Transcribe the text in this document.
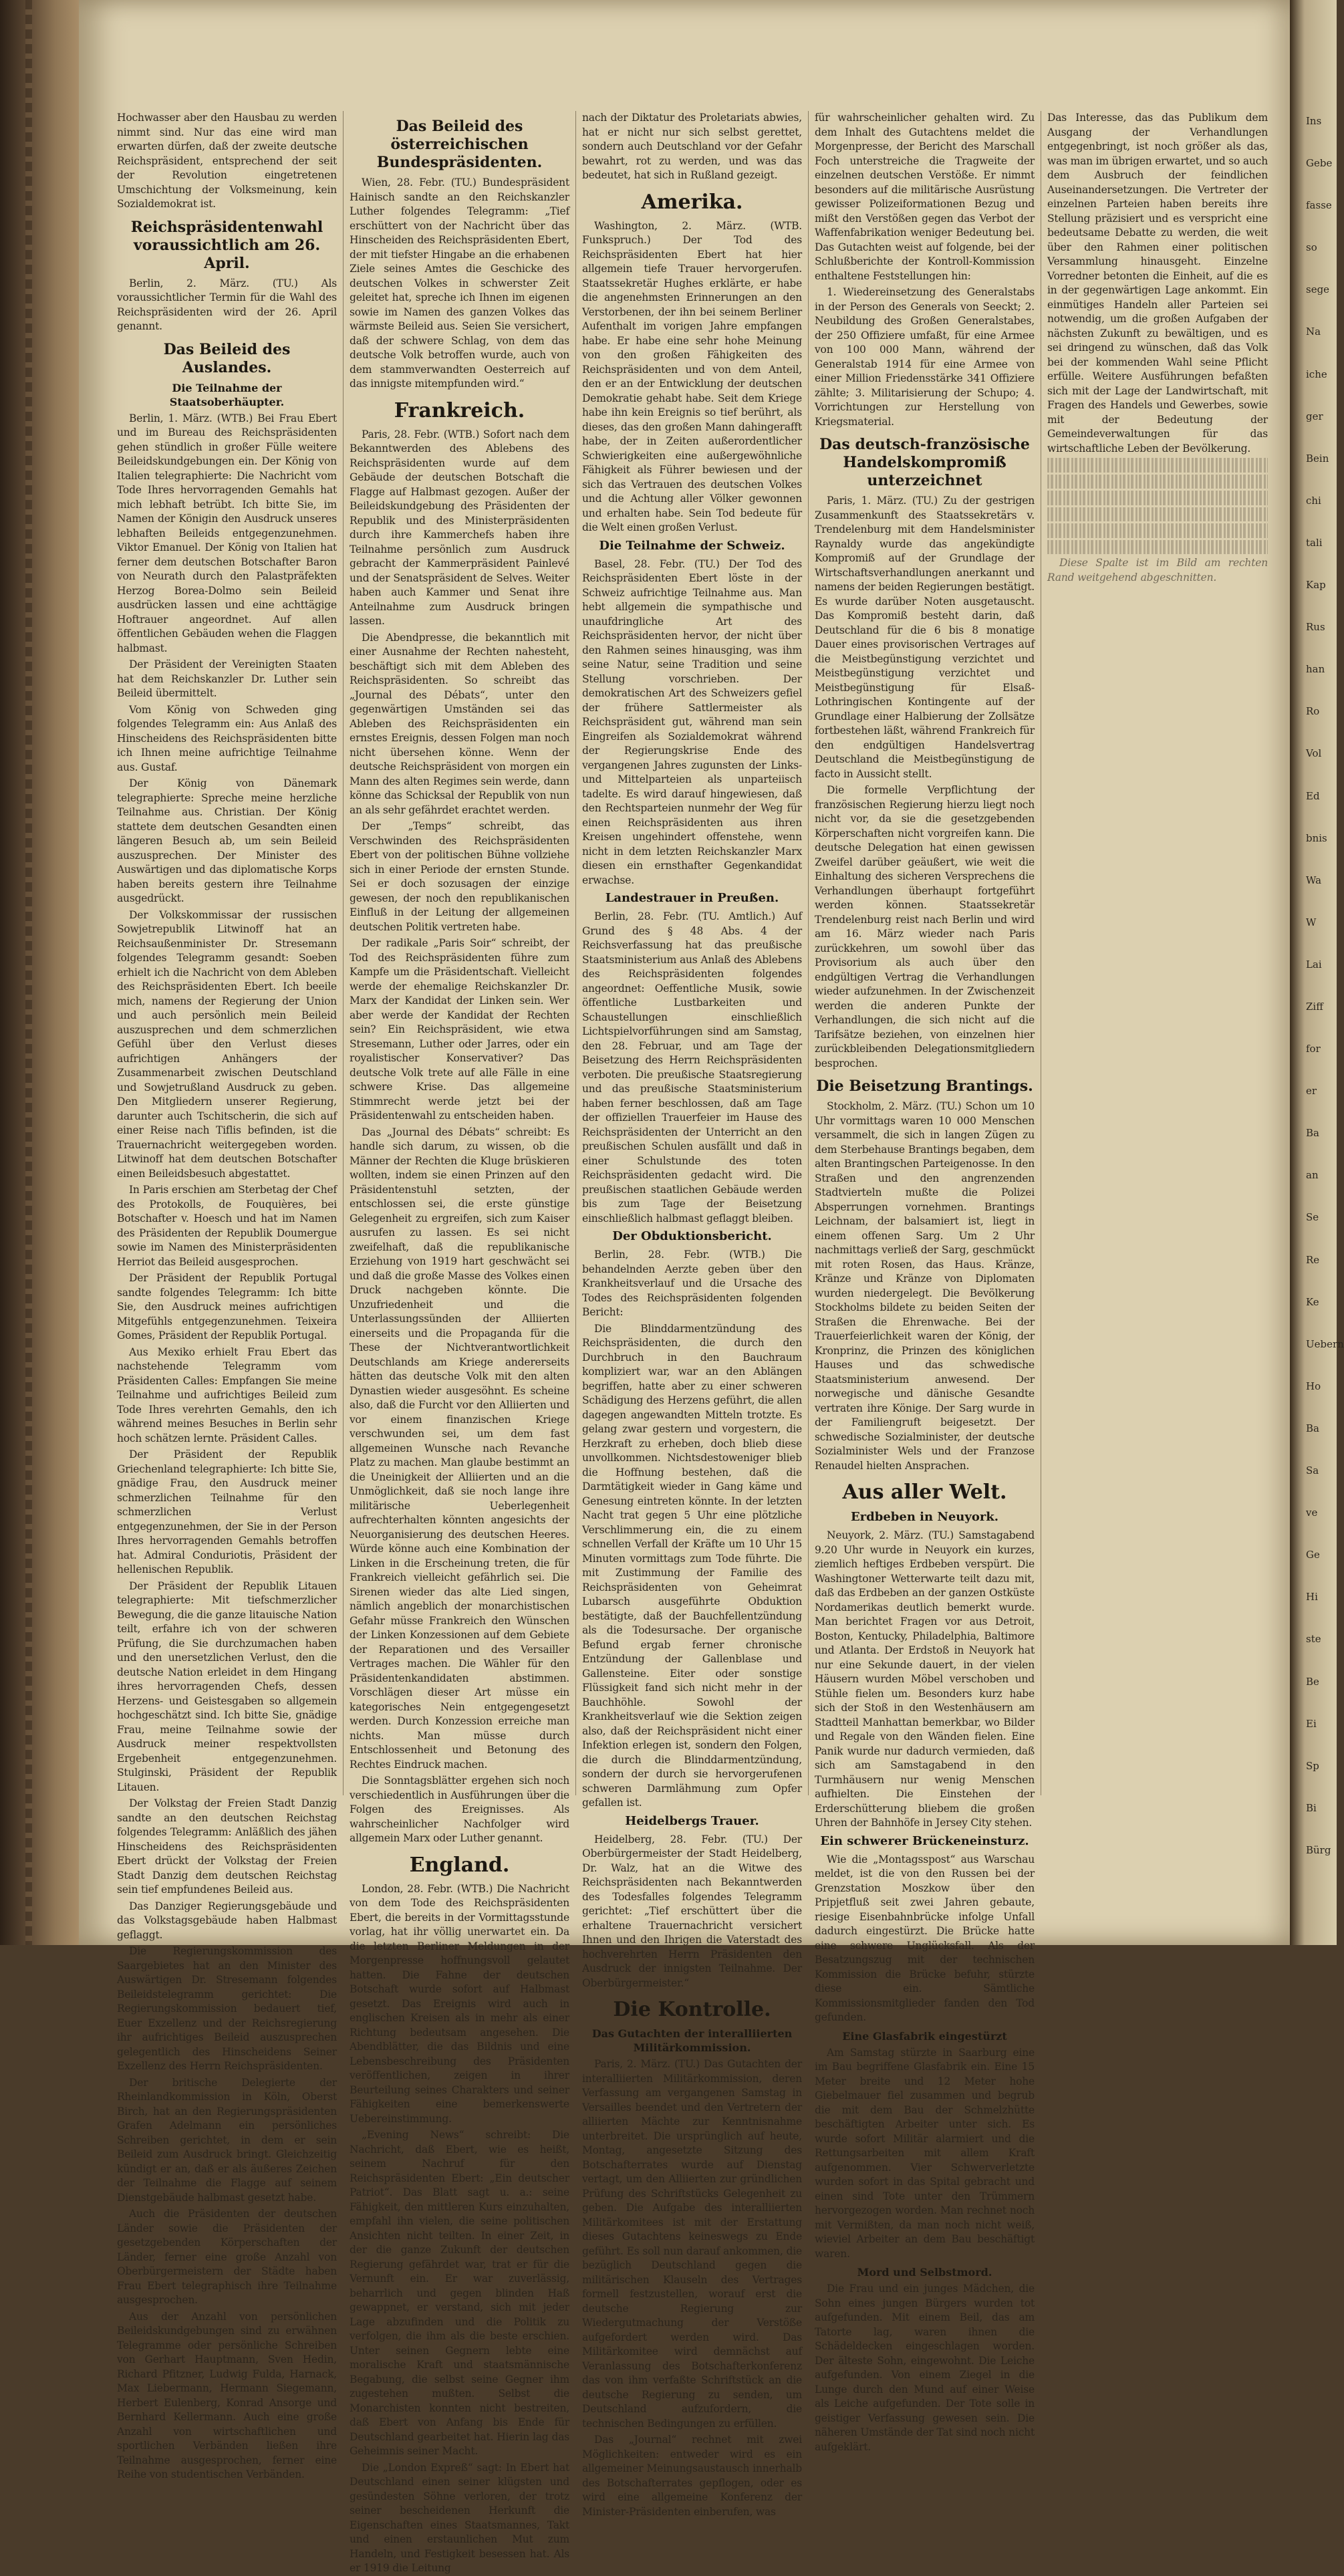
Hochwasser aber den Hausbau zu werden nimmt sind. Nur das eine wird man erwarten dürfen, daß der zweite deutsche Reichspräsident, entsprechend der seit der Revolution eingetretenen Umschichtung der Volksmeinung, kein Sozialdemokrat ist.

Reichspräsidentenwahl voraussichtlich am 26. April.

Berlin, 2. März. (TU.) Als voraussichtlicher Termin für die Wahl des Reichspräsidenten wird der 26. April genannt.

Das Beileid des Auslandes.
Die Teilnahme der Staatsoberhäupter.

Berlin, 1. März. (WTB.) Bei Frau Ebert und im Bureau des Reichspräsidenten gehen stündlich in großer Fülle weitere Beileidskundgebungen ein. Der König von Italien telegraphierte: Die Nachricht vom Tode Ihres hervorragenden Gemahls hat mich lebhaft betrübt. Ich bitte Sie, im Namen der Königin den Ausdruck unseres lebhaften Beileids entgegenzunehmen. Viktor Emanuel. Der König von Italien hat ferner dem deutschen Botschafter Baron von Neurath durch den Palastpräfekten Herzog Borea-Dolmo sein Beileid ausdrücken lassen und eine achttägige Hoftrauer angeordnet. Auf allen öffentlichen Gebäuden wehen die Flaggen halbmast.

Der Präsident der Vereinigten Staaten hat dem Reichskanzler Dr. Luther sein Beileid übermittelt.

Vom König von Schweden ging folgendes Telegramm ein: Aus Anlaß des Hinscheidens des Reichspräsidenten bitte ich Ihnen meine aufrichtige Teilnahme aus. Gustaf.

Der König von Dänemark telegraphierte: Spreche meine herzliche Teilnahme aus. Christian. Der König stattete dem deutschen Gesandten einen längeren Besuch ab, um sein Beileid auszusprechen. Der Minister des Auswärtigen und das diplomatische Korps haben bereits gestern ihre Teilnahme ausgedrückt.

Der Volkskommissar der russischen Sowjetrepublik Litwinoff hat an Reichsaußenminister Dr. Stresemann folgendes Telegramm gesandt: Soeben erhielt ich die Nachricht von dem Ableben des Reichspräsidenten Ebert. Ich beeile mich, namens der Regierung der Union und auch persönlich mein Beileid auszusprechen und dem schmerzlichen Gefühl über den Verlust dieses aufrichtigen Anhängers der Zusammenarbeit zwischen Deutschland und Sowjetrußland Ausdruck zu geben. Den Mitgliedern unserer Regierung, darunter auch Tschitscherin, die sich auf einer Reise nach Tiflis befinden, ist die Trauernachricht weitergegeben worden. Litwinoff hat dem deutschen Botschafter einen Beileidsbesuch abgestattet.

In Paris erschien am Sterbetag der Chef des Protokolls, de Fouquières, bei Botschafter v. Hoesch und hat im Namen des Präsidenten der Republik Doumergue sowie im Namen des Ministerpräsidenten Herriot das Beileid ausgesprochen.

Der Präsident der Republik Portugal sandte folgendes Telegramm: Ich bitte Sie, den Ausdruck meines aufrichtigen Mitgefühls entgegenzunehmen. Teixeira Gomes, Präsident der Republik Portugal.

Aus Mexiko erhielt Frau Ebert das nachstehende Telegramm vom Präsidenten Calles: Empfangen Sie meine Teilnahme und aufrichtiges Beileid zum Tode Ihres verehrten Gemahls, den ich während meines Besuches in Berlin sehr hoch schätzen lernte. Präsident Calles.

Der Präsident der Republik Griechenland telegraphierte: Ich bitte Sie, gnädige Frau, den Ausdruck meiner schmerzlichen Teilnahme für den schmerzlichen Verlust entgegenzunehmen, der Sie in der Person Ihres hervorragenden Gemahls betroffen hat. Admiral Conduriotis, Präsident der hellenischen Republik.

Der Präsident der Republik Litauen telegraphierte: Mit tiefschmerzlicher Bewegung, die die ganze litauische Nation teilt, erfahre ich von der schweren Prüfung, die Sie durchzumachen haben und den unersetzlichen Verlust, den die deutsche Nation erleidet in dem Hingang ihres hervorragenden Chefs, dessen Herzens- und Geistesgaben so allgemein hochgeschätzt sind. Ich bitte Sie, gnädige Frau, meine Teilnahme sowie der Ausdruck meiner respektvollsten Ergebenheit entgegenzunehmen. Stulginski, Präsident der Republik Litauen.

Der Volkstag der Freien Stadt Danzig sandte an den deutschen Reichstag folgendes Telegramm: Anläßlich des jähen Hinscheidens des Reichspräsidenten Ebert drückt der Volkstag der Freien Stadt Danzig dem deutschen Reichstag sein tief empfundenes Beileid aus.

Das Danziger Regierungsgebäude und das Volkstagsgebäude haben Halbmast geflaggt.

Die Regierungskommission des Saargebietes hat an den Minister des Auswärtigen Dr. Stresemann folgendes Beileidstelegramm gerichtet: Die Regierungskommission bedauert tief, Euer Exzellenz und der Reichsregierung ihr aufrichtiges Beileid auszusprechen gelegentlich des Hinscheidens Seiner Exzellenz des Herrn Reichspräsidenten.

Der britische Delegierte der Rheinlandkommission in Köln, Oberst Birch, hat an den Regierungspräsidenten Grafen Adelmann ein persönliches Schreiben gerichtet, in dem er sein Beileid zum Ausdruck bringt. Gleichzeitig kündigt er an, daß er als äußeres Zeichen der Teilnahme die Flagge auf seinem Dienstgebäude halbmast gesetzt habe.

Auch die Präsidenten der deutschen Länder sowie die Präsidenten der gesetzgebenden Körperschaften der Länder, ferner eine große Anzahl von Oberbürgermeistern der Städte haben Frau Ebert telegraphisch ihre Teilnahme ausgesprochen.

Aus der Anzahl von persönlichen Beileidskundgebungen sind zu erwähnen Telegramme oder persönliche Schreiben von Gerhart Hauptmann, Sven Hedin, Richard Pfitzner, Ludwig Fulda, Harnack, Max Liebermann, Hermann Siegemann, Herbert Eulenberg, Konrad Ansorge und Bernhard Kellermann. Auch eine große Anzahl von wirtschaftlichen und sportlichen Verbänden ließen ihre Teilnahme ausgesprochen, ferner eine Reihe von studentischen Verbänden.

Das Beileid des österreichischen Bundespräsidenten.

Wien, 28. Febr. (TU.) Bundespräsident Hainisch sandte an den Reichskanzler Luther folgendes Telegramm: „Tief erschüttert von der Nachricht über das Hinscheiden des Reichspräsidenten Ebert, der mit tiefster Hingabe an die erhabenen Ziele seines Amtes die Geschicke des deutschen Volkes in schwerster Zeit geleitet hat, spreche ich Ihnen im eigenen sowie im Namen des ganzen Volkes das wärmste Beileid aus. Seien Sie versichert, daß der schwere Schlag, von dem das deutsche Volk betroffen wurde, auch von dem stammverwandten Oesterreich auf das innigste mitempfunden wird.“

Frankreich.

Paris, 28. Febr. (WTB.) Sofort nach dem Bekanntwerden des Ablebens des Reichspräsidenten wurde auf dem Gebäude der deutschen Botschaft die Flagge auf Halbmast gezogen. Außer der Beileidskundgebung des Präsidenten der Republik und des Ministerpräsidenten durch ihre Kammerchefs haben ihre Teilnahme persönlich zum Ausdruck gebracht der Kammerpräsident Painlevé und der Senatspräsident de Selves. Weiter haben auch Kammer und Senat ihre Anteilnahme zum Ausdruck bringen lassen.

Die Abendpresse, die bekanntlich mit einer Ausnahme der Rechten nahesteht, beschäftigt sich mit dem Ableben des Reichspräsidenten. So schreibt das „Journal des Débats“, unter den gegenwärtigen Umständen sei das Ableben des Reichspräsidenten ein ernstes Ereignis, dessen Folgen man noch nicht übersehen könne. Wenn der deutsche Reichspräsident von morgen ein Mann des alten Regimes sein werde, dann könne das Schicksal der Republik von nun an als sehr gefährdet erachtet werden.

Der „Temps“ schreibt, das Verschwinden des Reichspräsidenten Ebert von der politischen Bühne vollziehe sich in einer Periode der ernsten Stunde. Sei er doch sozusagen der einzige gewesen, der noch den republikanischen Einfluß in der Leitung der allgemeinen deutschen Politik vertreten habe.

Der radikale „Paris Soir“ schreibt, der Tod des Reichspräsidenten führe zum Kampfe um die Präsidentschaft. Vielleicht werde der ehemalige Reichskanzler Dr. Marx der Kandidat der Linken sein. Wer aber werde der Kandidat der Rechten sein? Ein Reichspräsident, wie etwa Stresemann, Luther oder Jarres, oder ein royalistischer Konservativer? Das deutsche Volk trete auf alle Fälle in eine schwere Krise. Das allgemeine Stimmrecht werde jetzt bei der Präsidentenwahl zu entscheiden haben.

Das „Journal des Débats“ schreibt: Es handle sich darum, zu wissen, ob die Männer der Rechten die Kluge brüskieren wollten, indem sie einen Prinzen auf den Präsidentenstuhl setzten, der entschlossen sei, die erste günstige Gelegenheit zu ergreifen, sich zum Kaiser ausrufen zu lassen. Es sei nicht zweifelhaft, daß die republikanische Erziehung von 1919 hart geschwächt sei und daß die große Masse des Volkes einen Druck nachgeben könnte. Die Unzufriedenheit und die Unterlassungssünden der Alliierten einerseits und die Propaganda für die These der Nichtverantwortlichkeit Deutschlands am Kriege andererseits hätten das deutsche Volk mit den alten Dynastien wieder ausgesöhnt. Es scheine also, daß die Furcht vor den Alliierten und vor einem finanzischen Kriege verschwunden sei, um dem fast allgemeinen Wunsche nach Revanche Platz zu machen. Man glaube bestimmt an die Uneinigkeit der Alliierten und an die Unmöglichkeit, daß sie noch lange ihre militärische Ueberlegenheit aufrechterhalten könnten angesichts der Neuorganisierung des deutschen Heeres. Würde könne auch eine Kombination der Linken in die Erscheinung treten, die für Frankreich vielleicht gefährlich sei. Die Sirenen wieder das alte Lied singen, nämlich angeblich der monarchistischen Gefahr müsse Frankreich den Wünschen der Linken Konzessionen auf dem Gebiete der Reparationen und des Versailler Vertrages machen. Die Wähler für den Präsidentenkandidaten abstimmen. Vorschlägen dieser Art müsse ein kategorisches Nein entgegengesetzt werden. Durch Konzession erreiche man nichts. Man müsse durch Entschlossenheit und Betonung des Rechtes Eindruck machen.

Die Sonntagsblätter ergehen sich noch verschiedentlich in Ausführungen über die Folgen des Ereignisses. Als wahrscheinlicher Nachfolger wird allgemein Marx oder Luther genannt.

England.

London, 28. Febr. (WTB.) Die Nachricht von dem Tode des Reichspräsidenten Ebert, die bereits in der Vormittagsstunde vorlag, hat ihr völlig unerwartet ein. Da die letzten Berliner Meldungen in der Morgenpresse hoffnungsvoll gelautet hatten. Die Fahne der deutschen Botschaft wurde sofort auf Halbmast gesetzt. Das Ereignis wird auch in englischen Kreisen als in mehr als einer Richtung bedeutsam angesehen. Die Abendblätter, die das Bildnis und eine Lebensbeschreibung des Präsidenten veröffentlichen, zeigen in ihrer Beurteilung seines Charakters und seiner Fähigkeiten eine bemerkenswerte Uebereinstimmung.

„Evening News“ schreibt: Die Nachricht, daß Ebert, wie es heißt, seinem Nachruf für den Reichspräsidenten Ebert: „Ein deutscher Patriot“. Das Blatt sagt u. a.: seine Fähigkeit, den mittleren Kurs einzuhalten, empfahl ihn vielen, die seine politischen Ansichten nicht teilten. In einer Zeit, in der die ganze Zukunft der deutschen Regierung gefährdet war, trat er für die Vernunft ein. Er war zuverlässig, beharrlich und gegen blinden Haß gewappnet, er verstand, sich mit jeder Lage abzufinden und die Politik zu verfolgen, die ihm als die beste erschien. Unter seinen Gegnern lebte eine moralische Kraft und staatsmännische Begabung, die selbst seine Gegner ihm zugestehen mußten. Selbst die Monarchisten konnten nicht bestreiten, daß Ebert von Anfang bis Ende für Deutschland gearbeitet hat. Hierin lag das Geheimnis seiner Macht.

Die „London Expreß“ sagt: In Ebert hat Deutschland einen seiner klügsten und gesündesten Söhne verloren, der trotz seiner bescheidenen Herkunft die Eigenschaften eines Staatsmannes, Takt und einen erstaunlichen Mut zum Handeln, und Festigkeit besessen hat. Als er 1919 die Leitung

nach der Diktatur des Proletariats abwies, hat er nicht nur sich selbst gerettet, sondern auch Deutschland vor der Gefahr bewahrt, rot zu werden, und was das bedeutet, hat sich in Rußland gezeigt.

Amerika.

Washington, 2. März. (WTB. Funkspruch.) Der Tod des Reichspräsidenten Ebert hat hier allgemein tiefe Trauer hervorgerufen. Staatssekretär Hughes erklärte, er habe die angenehmsten Erinnerungen an den Verstorbenen, der ihn bei seinem Berliner Aufenthalt im vorigen Jahre empfangen habe. Er habe eine sehr hohe Meinung von den großen Fähigkeiten des Reichspräsidenten und von dem Anteil, den er an der Entwicklung der deutschen Demokratie gehabt habe. Seit dem Kriege habe ihn kein Ereignis so tief berührt, als dieses, das den großen Mann dahingerafft habe, der in Zeiten außerordentlicher Schwierigkeiten eine außergewöhnliche Fähigkeit als Führer bewiesen und der sich das Vertrauen des deutschen Volkes und die Achtung aller Völker gewonnen und erhalten habe. Sein Tod bedeute für die Welt einen großen Verlust.

Die Teilnahme der Schweiz.

Basel, 28. Febr. (TU.) Der Tod des Reichspräsidenten Ebert löste in der Schweiz aufrichtige Teilnahme aus. Man hebt allgemein die sympathische und unaufdringliche Art des Reichspräsidenten hervor, der nicht über den Rahmen seines hinausging, was ihm seine Natur, seine Tradition und seine Stellung vorschrieben. Der demokratischen Art des Schweizers gefiel der frühere Sattlermeister als Reichspräsident gut, während man sein Eingreifen als Sozialdemokrat während der Regierungskrise Ende des vergangenen Jahres zugunsten der Links- und Mittelparteien als unparteiisch tadelte. Es wird darauf hingewiesen, daß den Rechtsparteien nunmehr der Weg für einen Reichspräsidenten aus ihren Kreisen ungehindert offenstehe, wenn nicht in dem letzten Reichskanzler Marx diesen ein ernsthafter Gegenkandidat erwachse.

Landestrauer in Preußen.

Berlin, 28. Febr. (TU. Amtlich.) Auf Grund des § 48 Abs. 4 der Reichsverfassung hat das preußische Staatsministerium aus Anlaß des Ablebens des Reichspräsidenten folgendes angeordnet: Oeffentliche Musik, sowie öffentliche Lustbarkeiten und Schaustellungen einschließlich Lichtspielvorführungen sind am Samstag, den 28. Februar, und am Tage der Beisetzung des Herrn Reichspräsidenten verboten. Die preußische Staatsregierung und das preußische Staatsministerium haben ferner beschlossen, daß am Tage der offiziellen Trauerfeier im Hause des Reichspräsidenten der Unterricht an den preußischen Schulen ausfällt und daß in einer Schulstunde des toten Reichspräsidenten gedacht wird. Die preußischen staatlichen Gebäude werden bis zum Tage der Beisetzung einschließlich halbmast geflaggt bleiben.

Der Obduktionsbericht.

Berlin, 28. Febr. (WTB.) Die behandelnden Aerzte geben über den Krankheitsverlauf und die Ursache des Todes des Reichspräsidenten folgenden Bericht:

Die Blinddarmentzündung des Reichspräsidenten, die durch den Durchbruch in den Bauchraum kompliziert war, war an den Ablängen begriffen, hatte aber zu einer schweren Schädigung des Herzens geführt, die allen dagegen angewandten Mitteln trotzte. Es gelang zwar gestern und vorgestern, die Herzkraft zu erheben, doch blieb diese unvollkommen. Nichtsdestoweniger blieb die Hoffnung bestehen, daß die Darmtätigkeit wieder in Gang käme und Genesung eintreten könnte. In der letzten Nacht trat gegen 5 Uhr eine plötzliche Verschlimmerung ein, die zu einem schnellen Verfall der Kräfte um 10 Uhr 15 Minuten vormittags zum Tode führte. Die mit Zustimmung der Familie des Reichspräsidenten von Geheimrat Lubarsch ausgeführte Obduktion bestätigte, daß der Bauchfellentzündung als die Todesursache. Der organische Befund ergab ferner chronische Entzündung der Gallenblase und Gallensteine. Eiter oder sonstige Flüssigkeit fand sich nicht mehr in der Bauchhöhle. Sowohl der Krankheitsverlauf wie die Sektion zeigen also, daß der Reichspräsident nicht einer Infektion erlegen ist, sondern den Folgen, die durch die Blinddarmentzündung, sondern der durch sie hervorgerufenen schweren Darmlähmung zum Opfer gefallen ist.

Heidelbergs Trauer.

Heidelberg, 28. Febr. (TU.) Der Oberbürgermeister der Stadt Heidelberg, Dr. Walz, hat an die Witwe des Reichspräsidenten nach Bekanntwerden des Todesfalles folgendes Telegramm gerichtet: „Tief erschüttert über die erhaltene Trauernachricht versichert Ihnen und den Ihrigen die Vaterstadt des hochverehrten Herrn Präsidenten den Ausdruck der innigsten Teilnahme. Der Oberbürgermeister.“

Die Kontrolle.
Das Gutachten der interalliierten Militärkommission.

Paris, 2. März. (TU.) Das Gutachten der interalliierten Militärkommission, deren Verfassung am vergangenen Samstag in Versailles beendet und den Vertretern der alliierten Mächte zur Kenntnisnahme unterbreitet. Die ursprünglich auf heute, Montag, angesetzte Sitzung des Botschafterrates wurde auf Dienstag vertagt, um den Alliierten zur gründlichen Prüfung des Schriftstücks Gelegenheit zu geben. Die Aufgabe des interalliierten Militärkomitees ist mit der Erstattung dieses Gutachtens keineswegs zu Ende geführt. Es soll nun darauf ankommen, die bezüglich Deutschland gegen die militärischen Klauseln des Vertrages formell festzustellen, worauf erst die deutsche Regierung zur Wiedergutmachung der Verstöße aufgefordert werden wird. Das Militärkomitee wird demnächst auf Veranlassung des Botschafterkonferenz das von ihm verfaßte Schriftstück an die deutsche Regierung zu senden, um Deutschland aufzufordern, die technischen Bedingungen zu erfüllen.

Das „Journal“ rechnet mit zwei Möglichkeiten: entweder wird es ein allgemeiner Meinungsaustausch innerhalb des Botschafterrates gepflogen, oder es wird eine allgemeine Konferenz der Minister-Präsidenten einberufen, was

für wahrscheinlicher gehalten wird. Zu dem Inhalt des Gutachtens meldet die Morgenpresse, der Bericht des Marschall Foch unterstreiche die Tragweite der einzelnen deutschen Verstöße. Er nimmt besonders auf die militärische Ausrüstung gewisser Polizeiformationen Bezug und mißt den Verstößen gegen das Verbot der Waffenfabrikation weniger Bedeutung bei. Das Gutachten weist auf folgende, bei der Schlußberichte der Kontroll-Kommission enthaltene Feststellungen hin:

1. Wiedereinsetzung des Generalstabs in der Person des Generals von Seeckt; 2. Neubildung des Großen Generalstabes, der 250 Offiziere umfaßt, für eine Armee von 100 000 Mann, während der Generalstab 1914 für eine Armee von einer Million Friedensstärke 341 Offiziere zählte; 3. Militarisierung der Schupo; 4. Vorrichtungen zur Herstellung von Kriegsmaterial.

Das deutsch-französische Handelskompromiß unterzeichnet

Paris, 1. März. (TU.) Zu der gestrigen Zusammenkunft des Staatssekretärs v. Trendelenburg mit dem Handelsminister Raynaldy wurde das angekündigte Kompromiß auf der Grundlage der Wirtschaftsverhandlungen anerkannt und namens der beiden Regierungen bestätigt. Es wurde darüber Noten ausgetauscht. Das Kompromiß besteht darin, daß Deutschland für die 6 bis 8 monatige Dauer eines provisorischen Vertrages auf die Meistbegünstigung verzichtet und Meistbegünstigung verzichtet und Meistbegünstigung für Elsaß-Lothringischen Kontingente auf der Grundlage einer Halbierung der Zollsätze fortbestehen läßt, während Frankreich für den endgültigen Handelsvertrag Deutschland die Meistbegünstigung de facto in Aussicht stellt.

Die formelle Verpflichtung der französischen Regierung hierzu liegt noch nicht vor, da sie die gesetzgebenden Körperschaften nicht vorgreifen kann. Die deutsche Delegation hat einen gewissen Zweifel darüber geäußert, wie weit die Einhaltung des sicheren Versprechens die Verhandlungen überhaupt fortgeführt werden können. Staatssekretär Trendelenburg reist nach Berlin und wird am 16. März wieder nach Paris zurückkehren, um sowohl über das Provisorium als auch über den endgültigen Vertrag die Verhandlungen wieder aufzunehmen. In der Zwischenzeit werden die anderen Punkte der Verhandlungen, die sich nicht auf die Tarifsätze beziehen, von einzelnen hier zurückbleibenden Delegationsmitgliedern besprochen.

Die Beisetzung Brantings.

Stockholm, 2. März. (TU.) Schon um 10 Uhr vormittags waren 10 000 Menschen versammelt, die sich in langen Zügen zu dem Sterbehause Brantings begaben, dem alten Brantingschen Parteigenosse. In den Straßen und den angrenzenden Stadtvierteln mußte die Polizei Absperrungen vornehmen. Brantings Leichnam, der balsamiert ist, liegt in einem offenen Sarg. Um 2 Uhr nachmittags verließ der Sarg, geschmückt mit roten Rosen, das Haus. Kränze, Kränze und Kränze von Diplomaten wurden niedergelegt. Die Bevölkerung Stockholms bildete zu beiden Seiten der Straßen die Ehrenwache. Bei der Trauerfeierlichkeit waren der König, der Kronprinz, die Prinzen des königlichen Hauses und das schwedische Staatsministerium anwesend. Der norwegische und dänische Gesandte vertraten ihre Könige. Der Sarg wurde in der Familiengruft beigesetzt. Der schwedische Sozialminister, der deutsche Sozialminister Wels und der Franzose Renaudel hielten Ansprachen.

Aus aller Welt.
Erdbeben in Neuyork.

Neuyork, 2. März. (TU.) Samstagabend 9.20 Uhr wurde in Neuyork ein kurzes, ziemlich heftiges Erdbeben verspürt. Die Washingtoner Wetterwarte teilt dazu mit, daß das Erdbeben an der ganzen Ostküste Nordamerikas deutlich bemerkt wurde. Man berichtet Fragen vor aus Detroit, Boston, Kentucky, Philadelphia, Baltimore und Atlanta. Der Erdstoß in Neuyork hat nur eine Sekunde dauert, in der vielen Häusern wurden Möbel verschoben und Stühle fielen um. Besonders kurz habe sich der Stoß in den Westenhäusern am Stadtteil Manhattan bemerkbar, wo Bilder und Regale von den Wänden fielen. Eine Panik wurde nur dadurch vermieden, daß sich am Samstagabend in den Turmhäusern nur wenig Menschen aufhielten. Die Einstehen der Erderschütterung bliebem die großen Uhren der Bahnhöfe in Jersey City stehen.

Ein schwerer Brückeneinsturz.

Wie die „Montagsspost“ aus Warschau meldet, ist die von den Russen bei der Grenzstation Moszkow über den Pripjetfluß seit zwei Jahren gebaute, riesige Eisenbahnbrücke infolge Unfall dadurch eingestürzt. Die Brücke hatte eine schwere Unglücksfall. Als der Besatzungszug mit der technischen Kommission die Brücke befuhr, stürzte diese ein. Sämtliche Kommissionsmitglieder fanden den Tod gefunden.

Eine Glasfabrik eingestürzt

Am Samstag stürzte in Saarburg eine im Bau begriffene Glasfabrik ein. Eine 15 Meter breite und 12 Meter hohe Giebelmauer fiel zusammen und begrub die mit dem Bau der Schmelzhütte beschäftigten Arbeiter unter sich. Es wurde sofort Militär alarmiert und die Rettungsarbeiten mit allem Kraft aufgenommen. Vier Schwerverletzte wurden sofort in das Spital gebracht und einen sind Tote unter den Trümmern hervorgezogen worden. Man rechnet noch mit Vermißten, da man noch nicht weiß, wieviel Arbeiter an dem Bau beschäftigt waren.

Mord und Selbstmord.

Die Frau und ein junges Mädchen, die Sohn eines jungen Bürgers wurden tot aufgefunden. Mit einem Beil, das am Tatorte lag, waren ihnen die Schädeldecken eingeschlagen worden. Der älteste Sohn, eingewohnt. Die Leiche aufgefunden. Von einem Ziegel in die Lunge durch den Mund auf einer Weise als Leiche aufgefunden. Der Tote solle in geistiger Verfassung gewesen sein. Die näheren Umstände der Tat sind noch nicht aufgeklärt.

Das Interesse, das das Publikum dem Ausgang der Verhandlungen entgegenbringt, ist noch größer als das, was man im übrigen erwartet, und so auch dem Ausbruch der feindlichen Auseinandersetzungen. Die Vertreter der einzelnen Parteien haben bereits ihre Stellung präzisiert und es verspricht eine bedeutsame Debatte zu werden, die weit über den Rahmen einer politischen Versammlung hinausgeht. Einzelne Vorredner betonten die Einheit, auf die es in der gegenwärtigen Lage ankommt. Ein einmütiges Handeln aller Parteien sei notwendig, um die großen Aufgaben der nächsten Zukunft zu bewältigen, und es sei dringend zu wünschen, daß das Volk bei der kommenden Wahl seine Pflicht erfülle. Weitere Ausführungen befaßten sich mit der Lage der Landwirtschaft, mit Fragen des Handels und Gewerbes, sowie mit der Bedeutung der Gemeindeverwaltungen für das wirtschaftliche Leben der Bevölkerung.

Diese Spalte ist im Bild am rechten Rand weitgehend abgeschnitten.

Ins
Gebe
fasse
so
sege
Na
iche
ger
Bein
chi
tali
Kap
Rus
han
Ro
Vol
Ed
bnis
Wa
W
Lai
Ziff
for
er
Ba
an
Se
Re
Ke
Uebern
Ho
Ba
Sa
ve
Ge
Hi
ste
Be
Ei
Sp
Bi
Bürg
